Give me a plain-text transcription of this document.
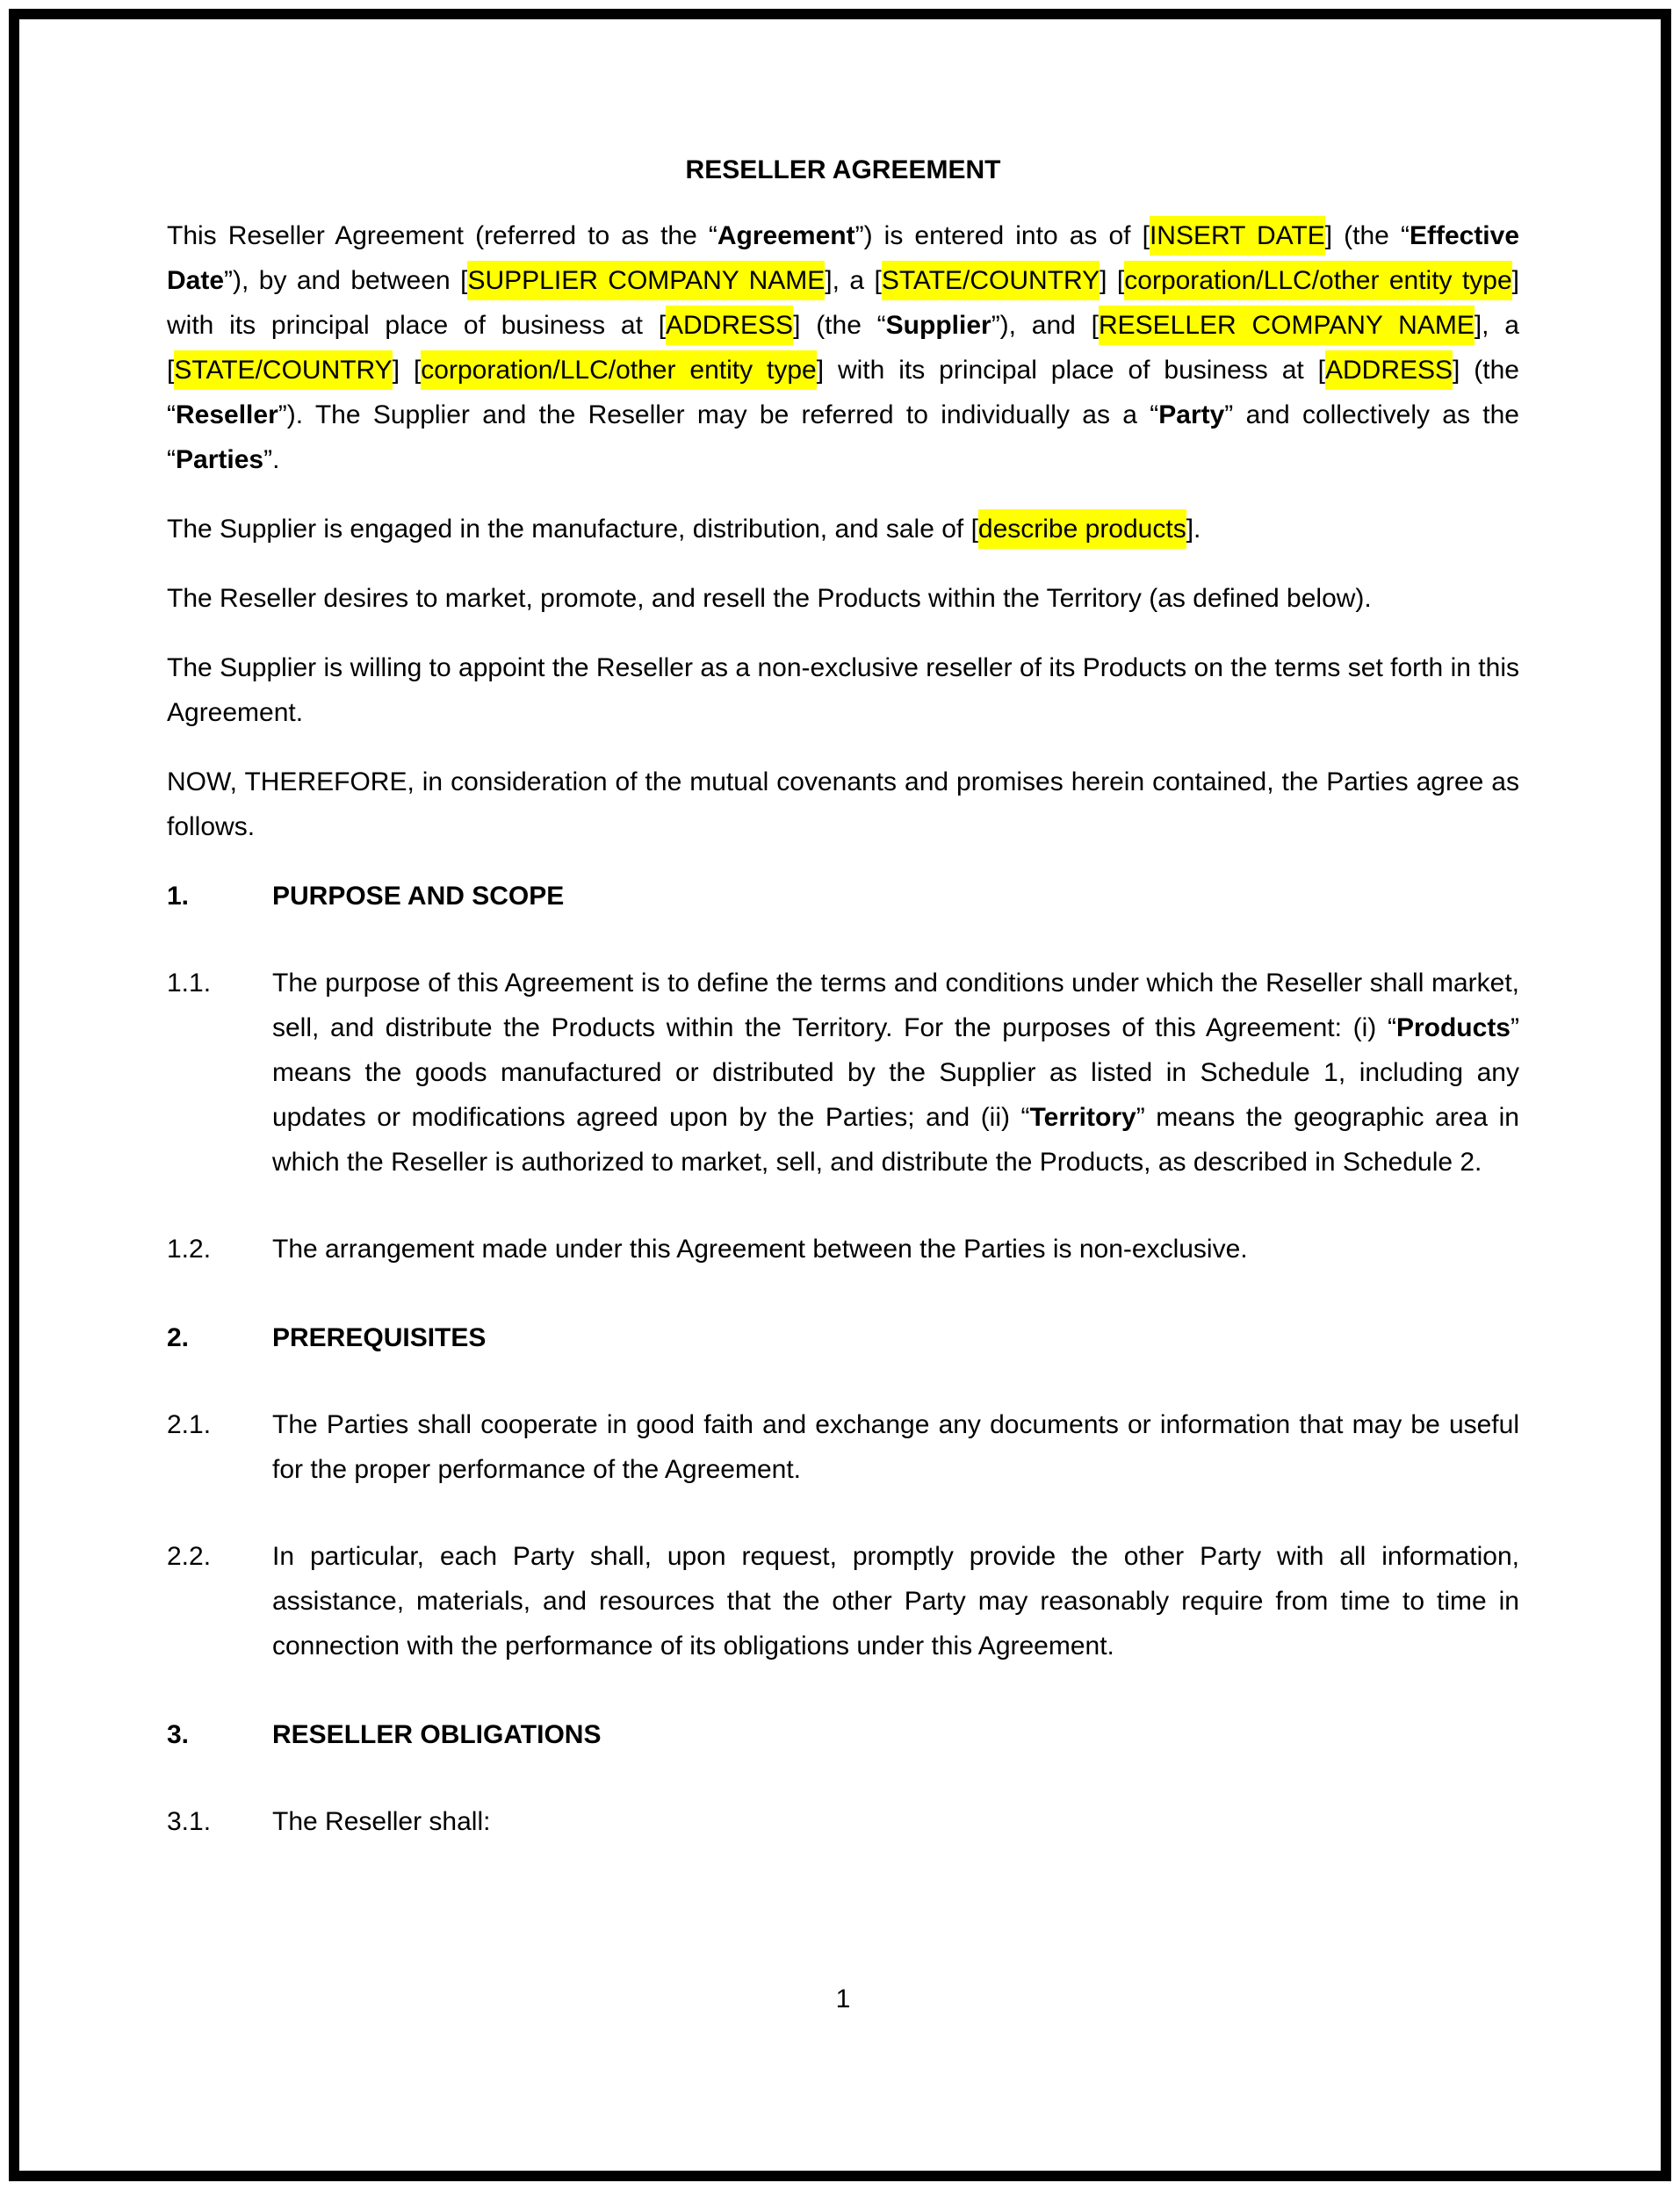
RESELLER AGREEMENT

This Reseller Agreement (referred to as the “Agreement”) is entered into as of [INSERT DATE] (the “Effective Date”), by and between [SUPPLIER COMPANY NAME], a [STATE/COUNTRY] [corporation/LLC/other entity type] with its principal place of business at [ADDRESS] (the “Supplier”), and [RESELLER COMPANY NAME], a [STATE/COUNTRY] [corporation/LLC/other entity type] with its principal place of business at [ADDRESS] (the “Reseller”). The Supplier and the Reseller may be referred to individually as a “Party” and collectively as the “Parties”.

The Supplier is engaged in the manufacture, distribution, and sale of [describe products].

The Reseller desires to market, promote, and resell the Products within the Territory (as defined below).

The Supplier is willing to appoint the Reseller as a non-exclusive reseller of its Products on the terms set forth in this Agreement.

NOW, THEREFORE, in consideration of the mutual covenants and promises herein contained, the Parties agree as follows.

1.	PURPOSE AND SCOPE
1.1.	The purpose of this Agreement is to define the terms and conditions under which the Reseller shall market, sell, and distribute the Products within the Territory. For the purposes of this Agreement: (i) “Products” means the goods manufactured or distributed by the Supplier as listed in Schedule 1, including any updates or modifications agreed upon by the Parties; and (ii) “Territory” means the geographic area in which the Reseller is authorized to market, sell, and distribute the Products, as described in Schedule 2.
1.2.	The arrangement made under this Agreement between the Parties is non-exclusive.
2.	PREREQUISITES
2.1.	The Parties shall cooperate in good faith and exchange any documents or information that may be useful for the proper performance of the Agreement.
2.2.	In particular, each Party shall, upon request, promptly provide the other Party with all information, assistance, materials, and resources that the other Party may reasonably require from time to time in connection with the performance of its obligations under this Agreement.
3.	RESELLER OBLIGATIONS
3.1.	The Reseller shall:
1
